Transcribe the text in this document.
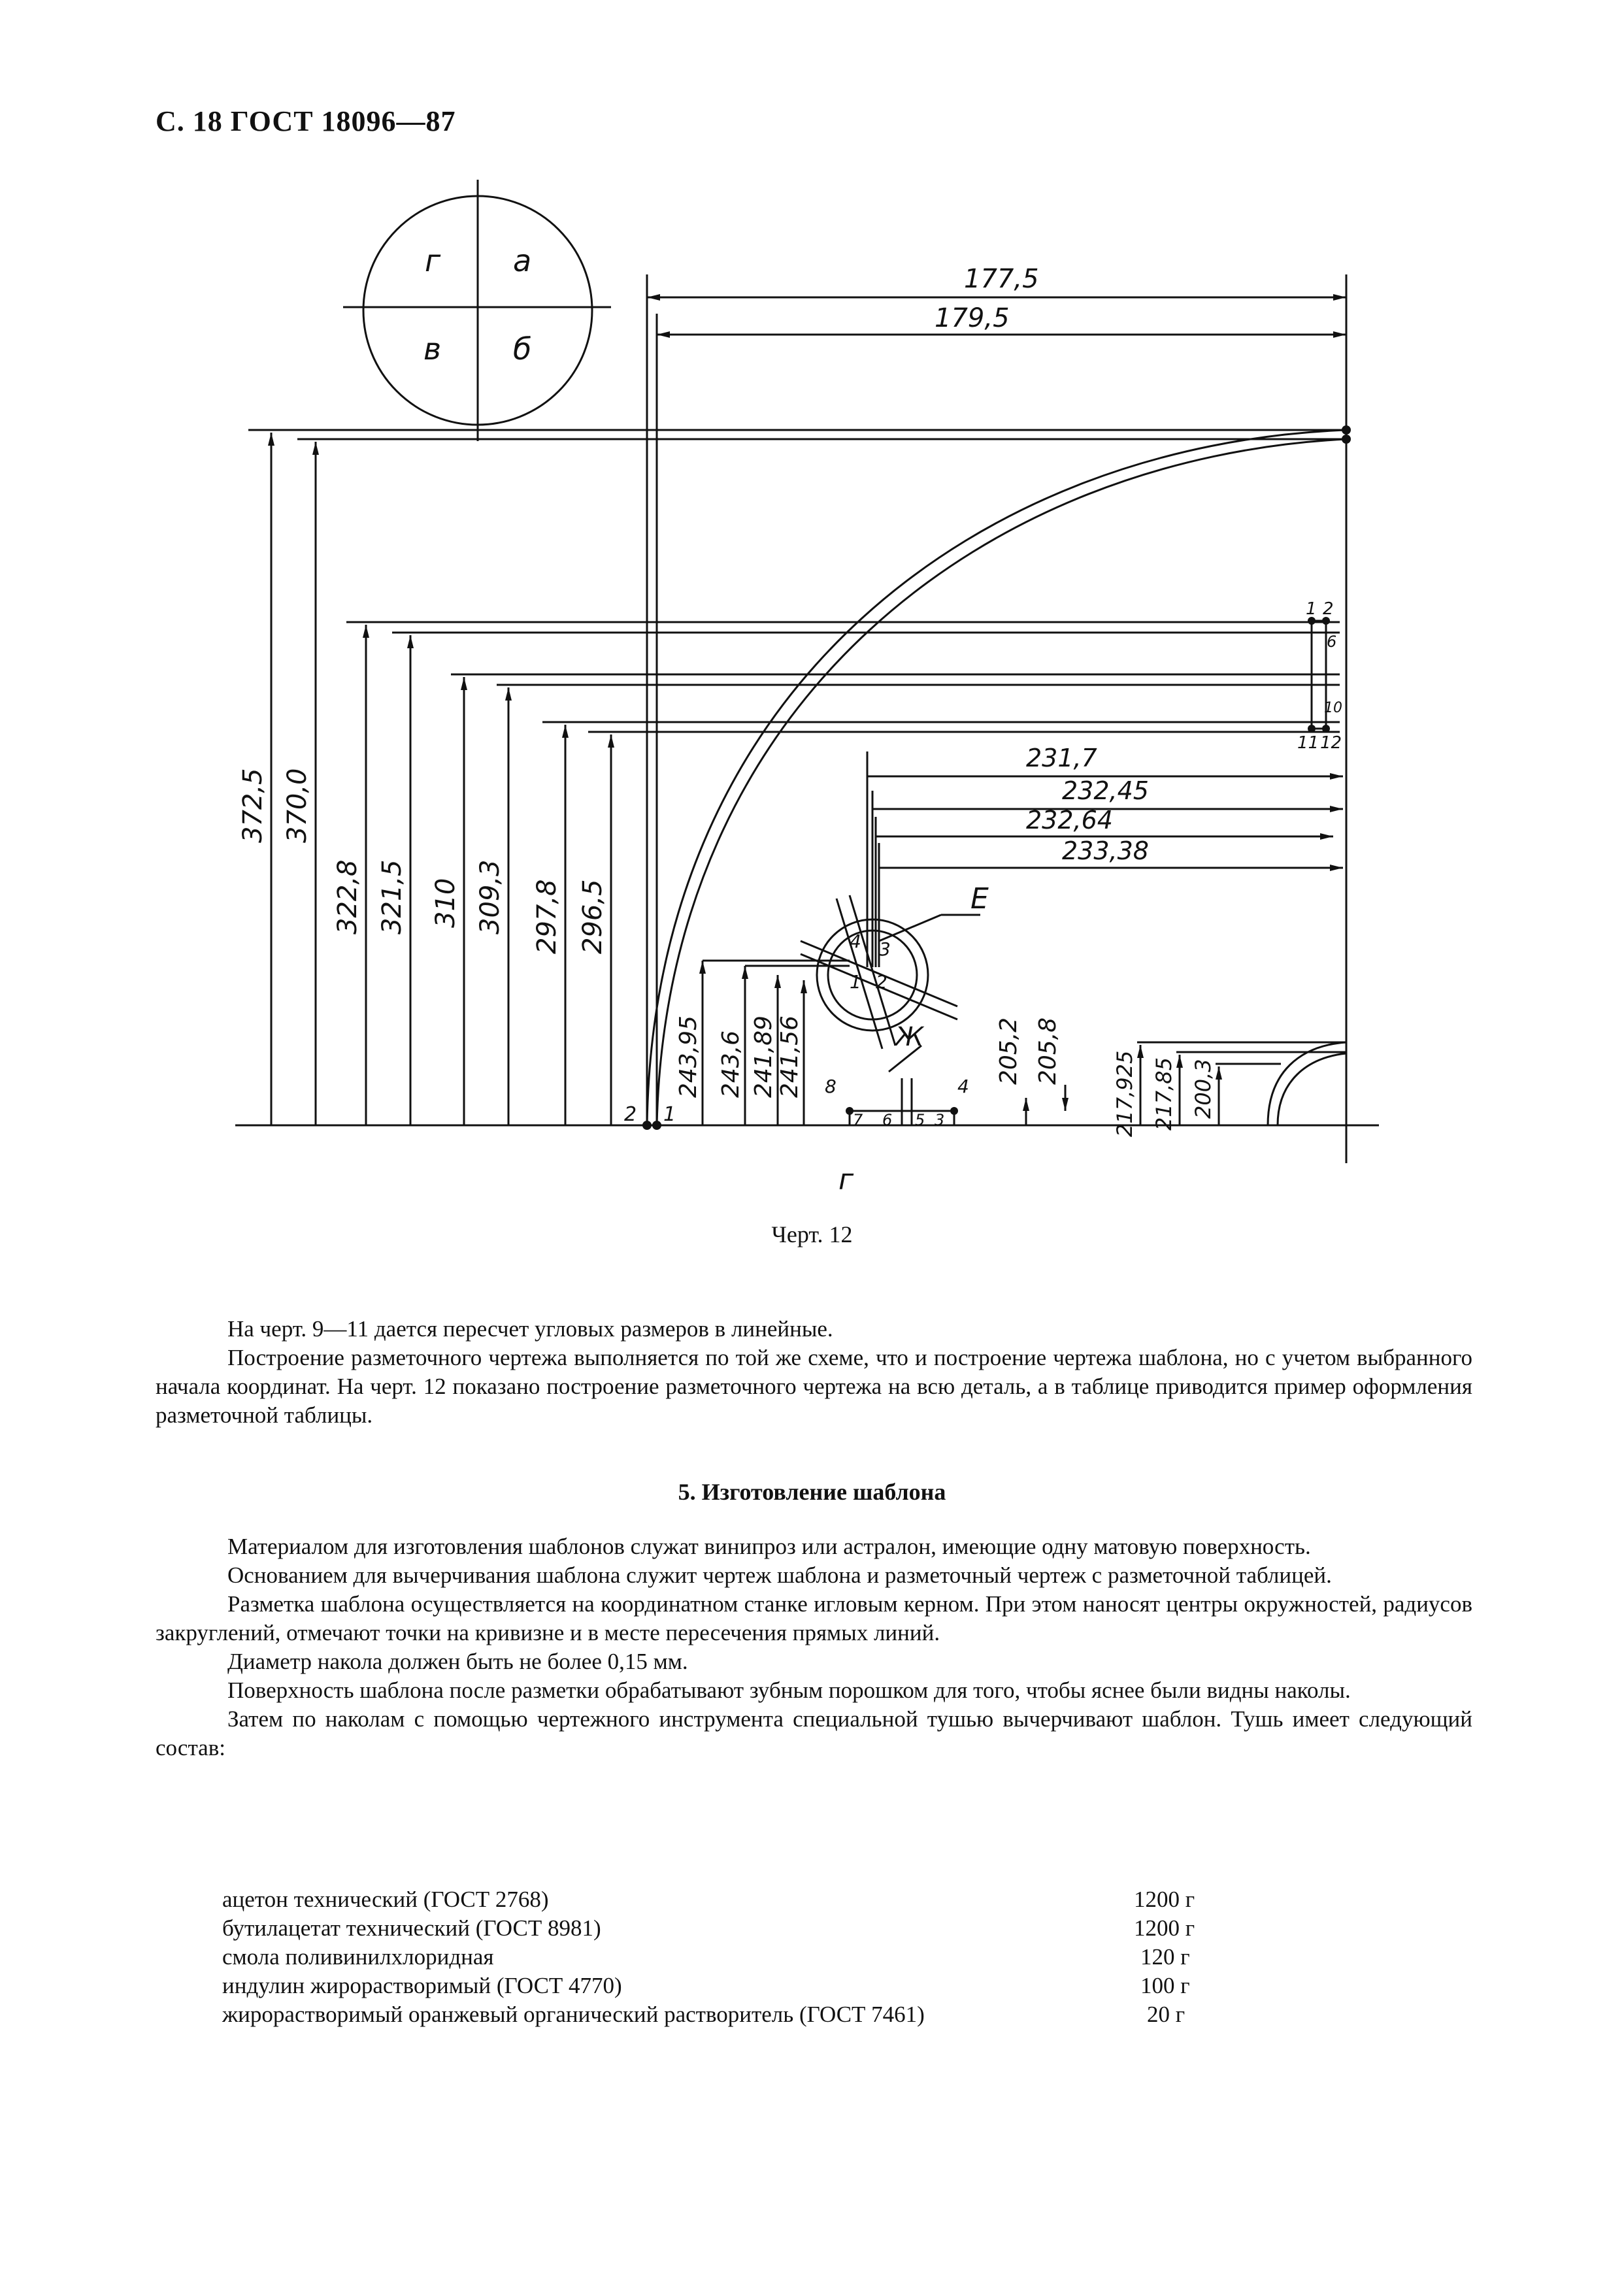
С. 18 ГОСТ 18096—87
г а
в б
177,5
179,5
231,7
232,45
232,64
233,38
372,5 370,0
322,8 321,5 310 309,3 297,8 296,5
243,95 243,6 241,89 241,56	205,2 205,8 217,925 217,85 200,3
Е
Ж
г
2 1
8	4
7 6 5 3
1 2
6
10
11 12
4 3
1 2
Черт. 12

На черт. 9—11 дается пересчет угловых размеров в линейные.

Построение разметочного чертежа выполняется по той же схеме, что и построение чертежа шаблона, но с учетом выбранного начала координат. На черт. 12 показано построение разметочного чертежа на всю деталь, а в таблице приводится пример оформления разметочной таблицы.

5. Изготовление шаблона

Материалом для изготовления шаблонов служат винипроз или астралон, имеющие одну матовую поверхность.

Основанием для вычерчивания шаблона служит чертеж шаблона и разметочный чертеж с разметочной таблицей.

Разметка шаблона осуществляется на координатном станке игловым керном. При этом наносят центры окружностей, радиусов закруглений, отмечают точки на кривизне и в месте пересечения прямых линий.

Диаметр накола должен быть не более 0,15 мм.

Поверхность шаблона после разметки обрабатывают зубным порошком для того, чтобы яснее были видны наколы.

Затем по наколам с помощью чертежного инструмента специальной тушью вычерчивают шаблон. Тушь имеет следующий состав:

ацетон технический (ГОСТ 2768)	1200 г
бутилацетат технический (ГОСТ 8981)	1200 г
смола поливинилхлоридная	120 г
индулин жирорастворимый (ГОСТ 4770)	100 г
жирорастворимый оранжевый органический растворитель (ГОСТ 7461)	20 г
